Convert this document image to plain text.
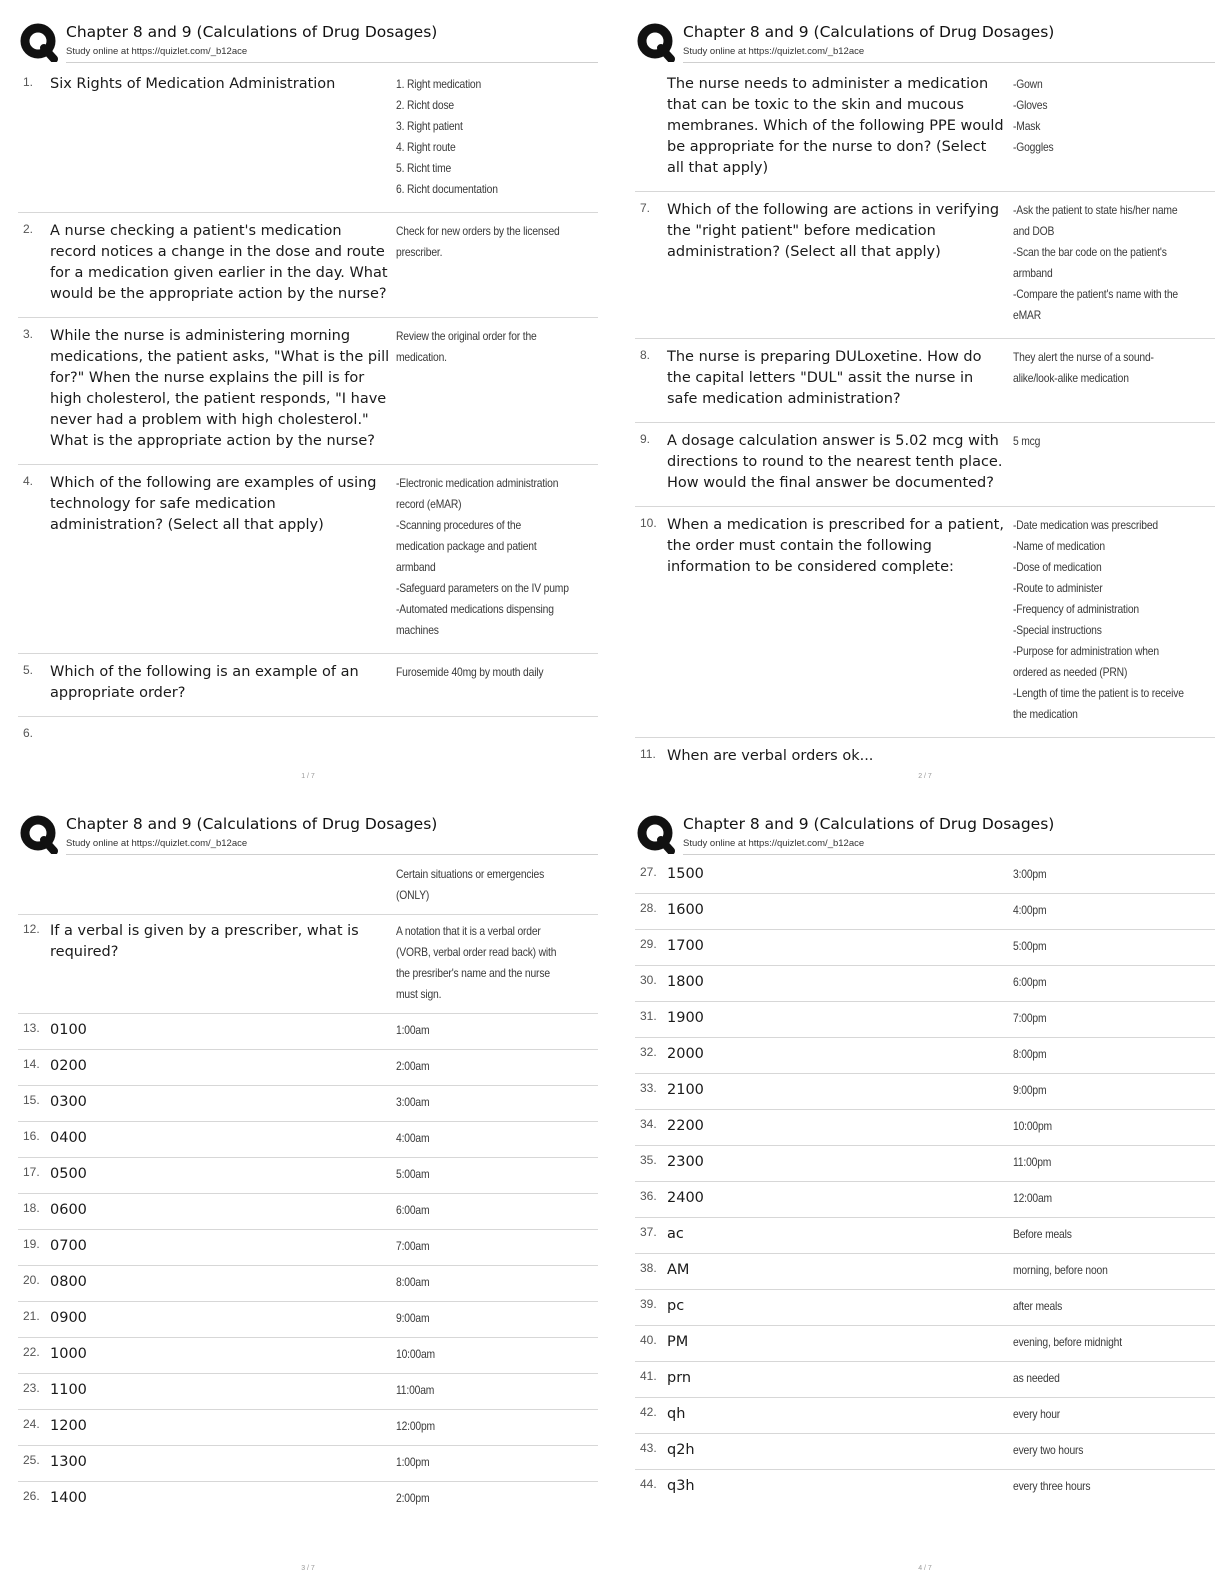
Chapter 8 and 9 (Calculations of Drug Dosages)
Study online at https://quizlet.com/_b12ace
1.	Six Rights of Medication Administration	1. Right medication
2. Richt dose
3. Right patient
4. Right route
5. Richt time
6. Richt documentation
2.	A nurse checking a patient's medication record notices a change in the dose and route for a medication given earlier in the day. What would be the appropriate action by the nurse?
Check for new orders by the licensed prescriber.
3.	While the nurse is administering morning medications, the patient asks, "What is the pill for?" When the nurse explains the pill is for high cholesterol, the patient responds, "I have never had a problem with high cholesterol." What is the appropriate action by the nurse?
Review the original order for the medication.
4.	Which of the following are examples of using technology for safe medication administration? (Select all that apply)
-Electronic medication administration record (eMAR)
-Scanning procedures of the medication package and patient armband
-Safeguard parameters on the IV pump
-Automated medications dispensing machines
5.	Which of the following is an example of an appropriate order?
Furosemide 40mg by mouth daily
6.
1 / 7
Chapter 8 and 9 (Calculations of Drug Dosages)
Study online at https://quizlet.com/_b12ace
The nurse needs to administer a medication that can be toxic to the skin and mucous membranes. Which of the following PPE would be appropriate for the nurse to don? (Select all that apply)
-Gown
-Gloves
-Mask
-Goggles
7.	Which of the following are actions in verifying the "right patient" before medication administration? (Select all that apply)
-Ask the patient to state his/her name and DOB
-Scan the bar code on the patient's armband
-Compare the patient's name with the eMAR
8.	The nurse is preparing DULoxetine. How do the capital letters "DUL" assit the nurse in safe medication administration?
They alert the nurse of a sound-alike/look-alike medication
9.	A dosage calculation answer is 5.02 mcg with directions to round to the nearest tenth place. How would the final answer be documented?
5 mcg
10. When a medication is prescribed for a patient, the order must contain the following information to be considered complete:
-Date medication was prescribed
-Name of medication
-Dose of medication
-Route to administer
-Frequency of administration
-Special instructions
-Purpose for administration when ordered as needed (PRN)
-Length of time the patient is to receive the medication
11. When are verbal orders ok...
2 / 7
Chapter 8 and 9 (Calculations of Drug Dosages)
Study online at https://quizlet.com/_b12ace
Certain situations or emergencies (ONLY)
12. If a verbal is given by a prescriber, what is required?
A notation that it is a verbal order (VORB, verbal order read back) with the presriber's name and the nurse must sign.
13. 0100	1:00am
14. 0200	2:00am
15. 0300	3:00am
16. 0400	4:00am
17. 0500	5:00am
18. 0600	6:00am
19. 0700	7:00am
20. 0800	8:00am
21. 0900	9:00am
22. 1000	10:00am
23. 1100	11:00am
24. 1200	12:00pm
25. 1300	1:00pm
26. 1400	2:00pm
3 / 7
Chapter 8 and 9 (Calculations of Drug Dosages)
Study online at https://quizlet.com/_b12ace
27. 1500	3:00pm
28. 1600	4:00pm
29. 1700	5:00pm
30. 1800	6:00pm
31. 1900	7:00pm
32. 2000	8:00pm
33. 2100	9:00pm
34. 2200	10:00pm
35. 2300	11:00pm
36. 2400	12:00am
37. ac	Before meals
38. AM	morning, before noon
39. pc	after meals
40. PM	evening, before midnight
41. prn	as needed
42. qh	every hour
43. q2h	every two hours
44. q3h	every three hours
4 / 7
